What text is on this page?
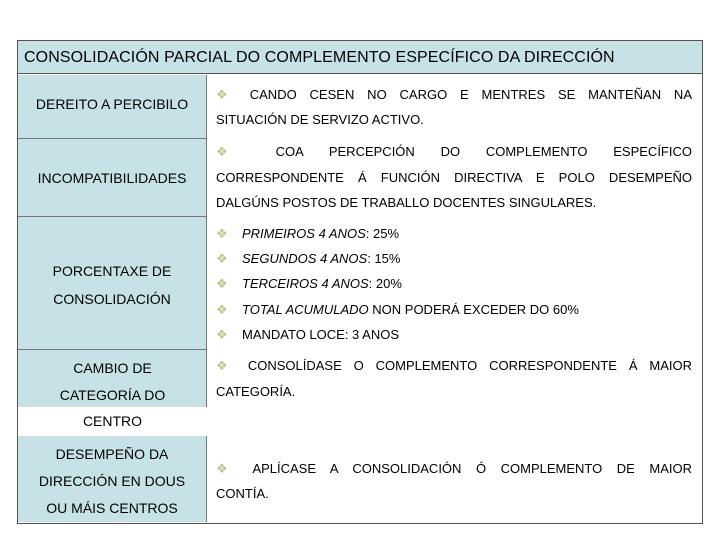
CONSOLIDACIÓN PARCIAL DO COMPLEMENTO ESPECÍFICO DA DIRECCIÓN
DEREITO A PERCIBILO
❖ CANDO CESEN NO CARGO E MENTRES SE MANTEÑAN NA
SITUACIÓN DE SERVIZO ACTIVO.
INCOMPATIBILIDADES
❖ COA PERCEPCIÓN DO COMPLEMENTO ESPECÍFICO
CORRESPONDENTE Á FUNCIÓN DIRECTIVA E POLO DESEMPEÑO
DALGÚNS POSTOS DE TRABALLO DOCENTES SINGULARES.
PORCENTAXE DE
CONSOLIDACIÓN
❖ PRIMEIROS 4 ANOS: 25%
❖ SEGUNDOS 4 ANOS: 15%
❖ TERCEIROS 4 ANOS: 20%
❖ TOTAL ACUMULADO NON PODERÁ EXCEDER DO 60%
❖ MANDATO LOCE: 3 ANOS
CAMBIO DE
CATEGORÍA DO
CENTRO
❖ CONSOLÍDASE O COMPLEMENTO CORRESPONDENTE Á MAIOR
CATEGORÍA.
DESEMPEÑO DA
DIRECCIÓN EN DOUS
OU MÁIS CENTROS
❖ APLÍCASE A CONSOLIDACIÓN Ó COMPLEMENTO DE MAIOR
CONTÍA.
